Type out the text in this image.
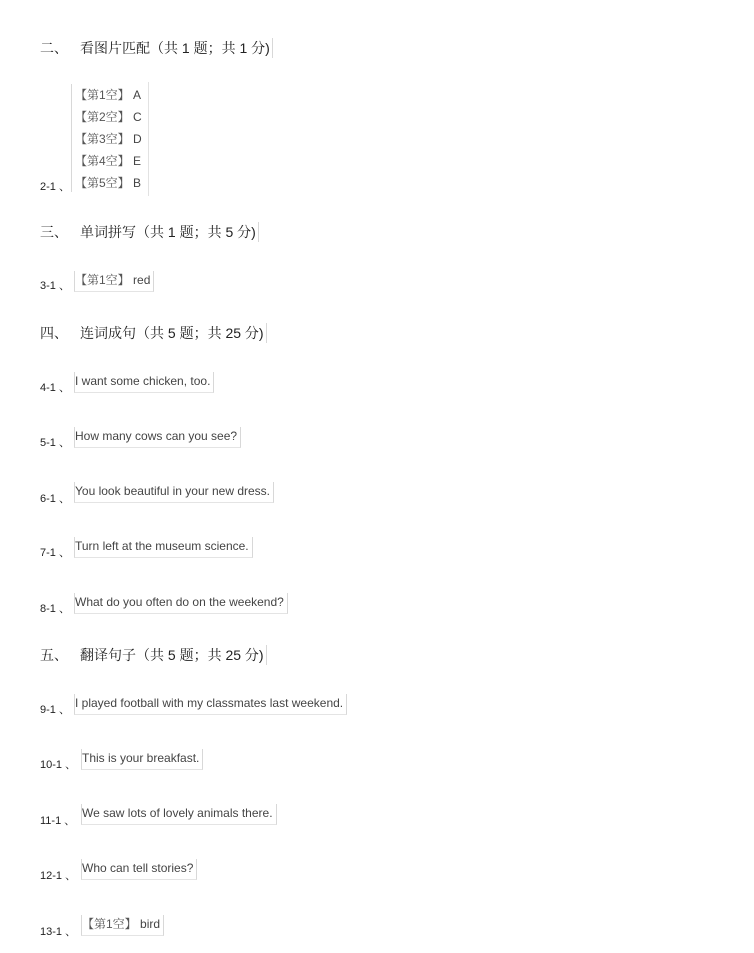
二、 看图片匹配（共 1 题；共 1 分)
【第1空】 A
【第2空】 C
【第3空】 D
【第4空】 E
【第5空】 B
2-1 、
三、 单词拼写（共 1 题；共 5 分)
3-1 、 【第1空】 red
四、 连词成句（共 5 题；共 25 分)
4-1 、 I want some chicken, too.
5-1 、 How many cows can you see?
6-1 、
You look beautiful in your new dress.
7-1 、 Turn left at the museum science.
8-1 、 What do you often do on the weekend?
五、 翻译句子（共 5 题；共 25 分)
9-1 、 I played football with my classmates last weekend.
10-1 、 This is your breakfast.
11-1 、
We saw lots of lovely animals there.
12-1 、
Who can tell stories?
13-1 、
【第1空】 bird
